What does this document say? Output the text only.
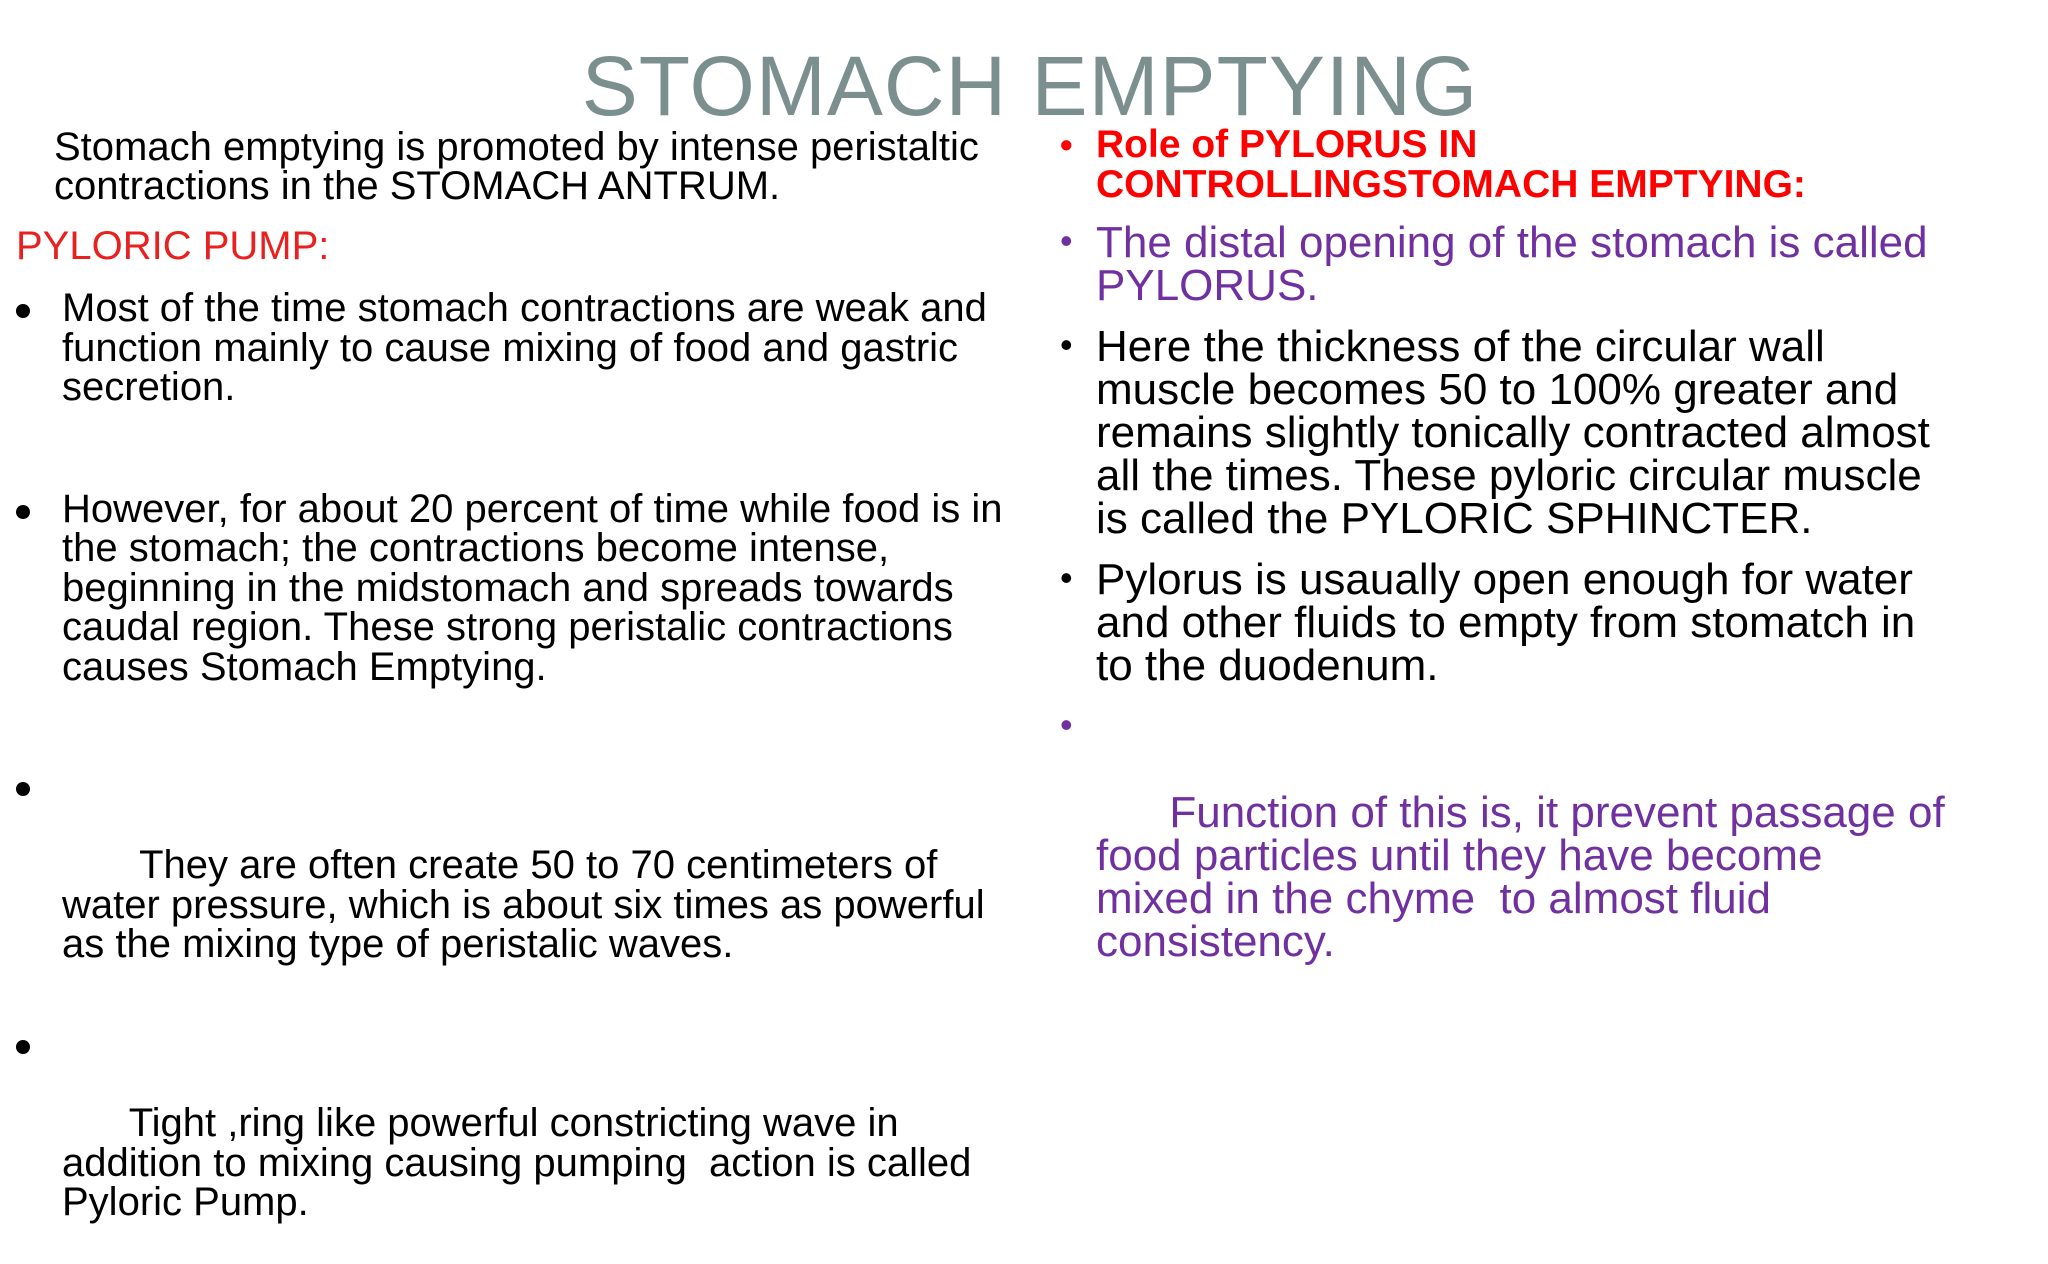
STOMACH EMPTYING

Stomach emptying is promoted by intense peristaltic contractions in the STOMACH ANTRUM.

PYLORIC PUMP:
Most of the time stomach contractions are weak and function mainly to cause mixing of food and gastric secretion.
However, for about 20 percent of time while food is in the stomach; the contractions become intense, beginning in the midstomach and spreads towards caudal region. These strong peristalic contractions causes Stomach Emptying.

They are often create 50 to 70 centimeters of water pressure, which is about six times as powerful as the mixing type of peristalic waves.

Tight ,ring like powerful constricting wave in addition to mixing causing pumping  action is called Pyloric Pump.

• Role of PYLORUS IN CONTROLLINGSTOMACH EMPTYING:
• The distal opening of the stomach is called PYLORUS.
• Here the thickness of the circular wall muscle becomes 50 to 100% greater and remains slightly tonically contracted almost all the times. These pyloric circular muscle is called the PYLORIC SPHINCTER.
• Pylorus is usaually open enough for water and other fluids to empty from stomatch in to the duodenum.

•

Function of this is, it prevent passage of food particles until they have become mixed in the chyme  to almost fluid consistency.
